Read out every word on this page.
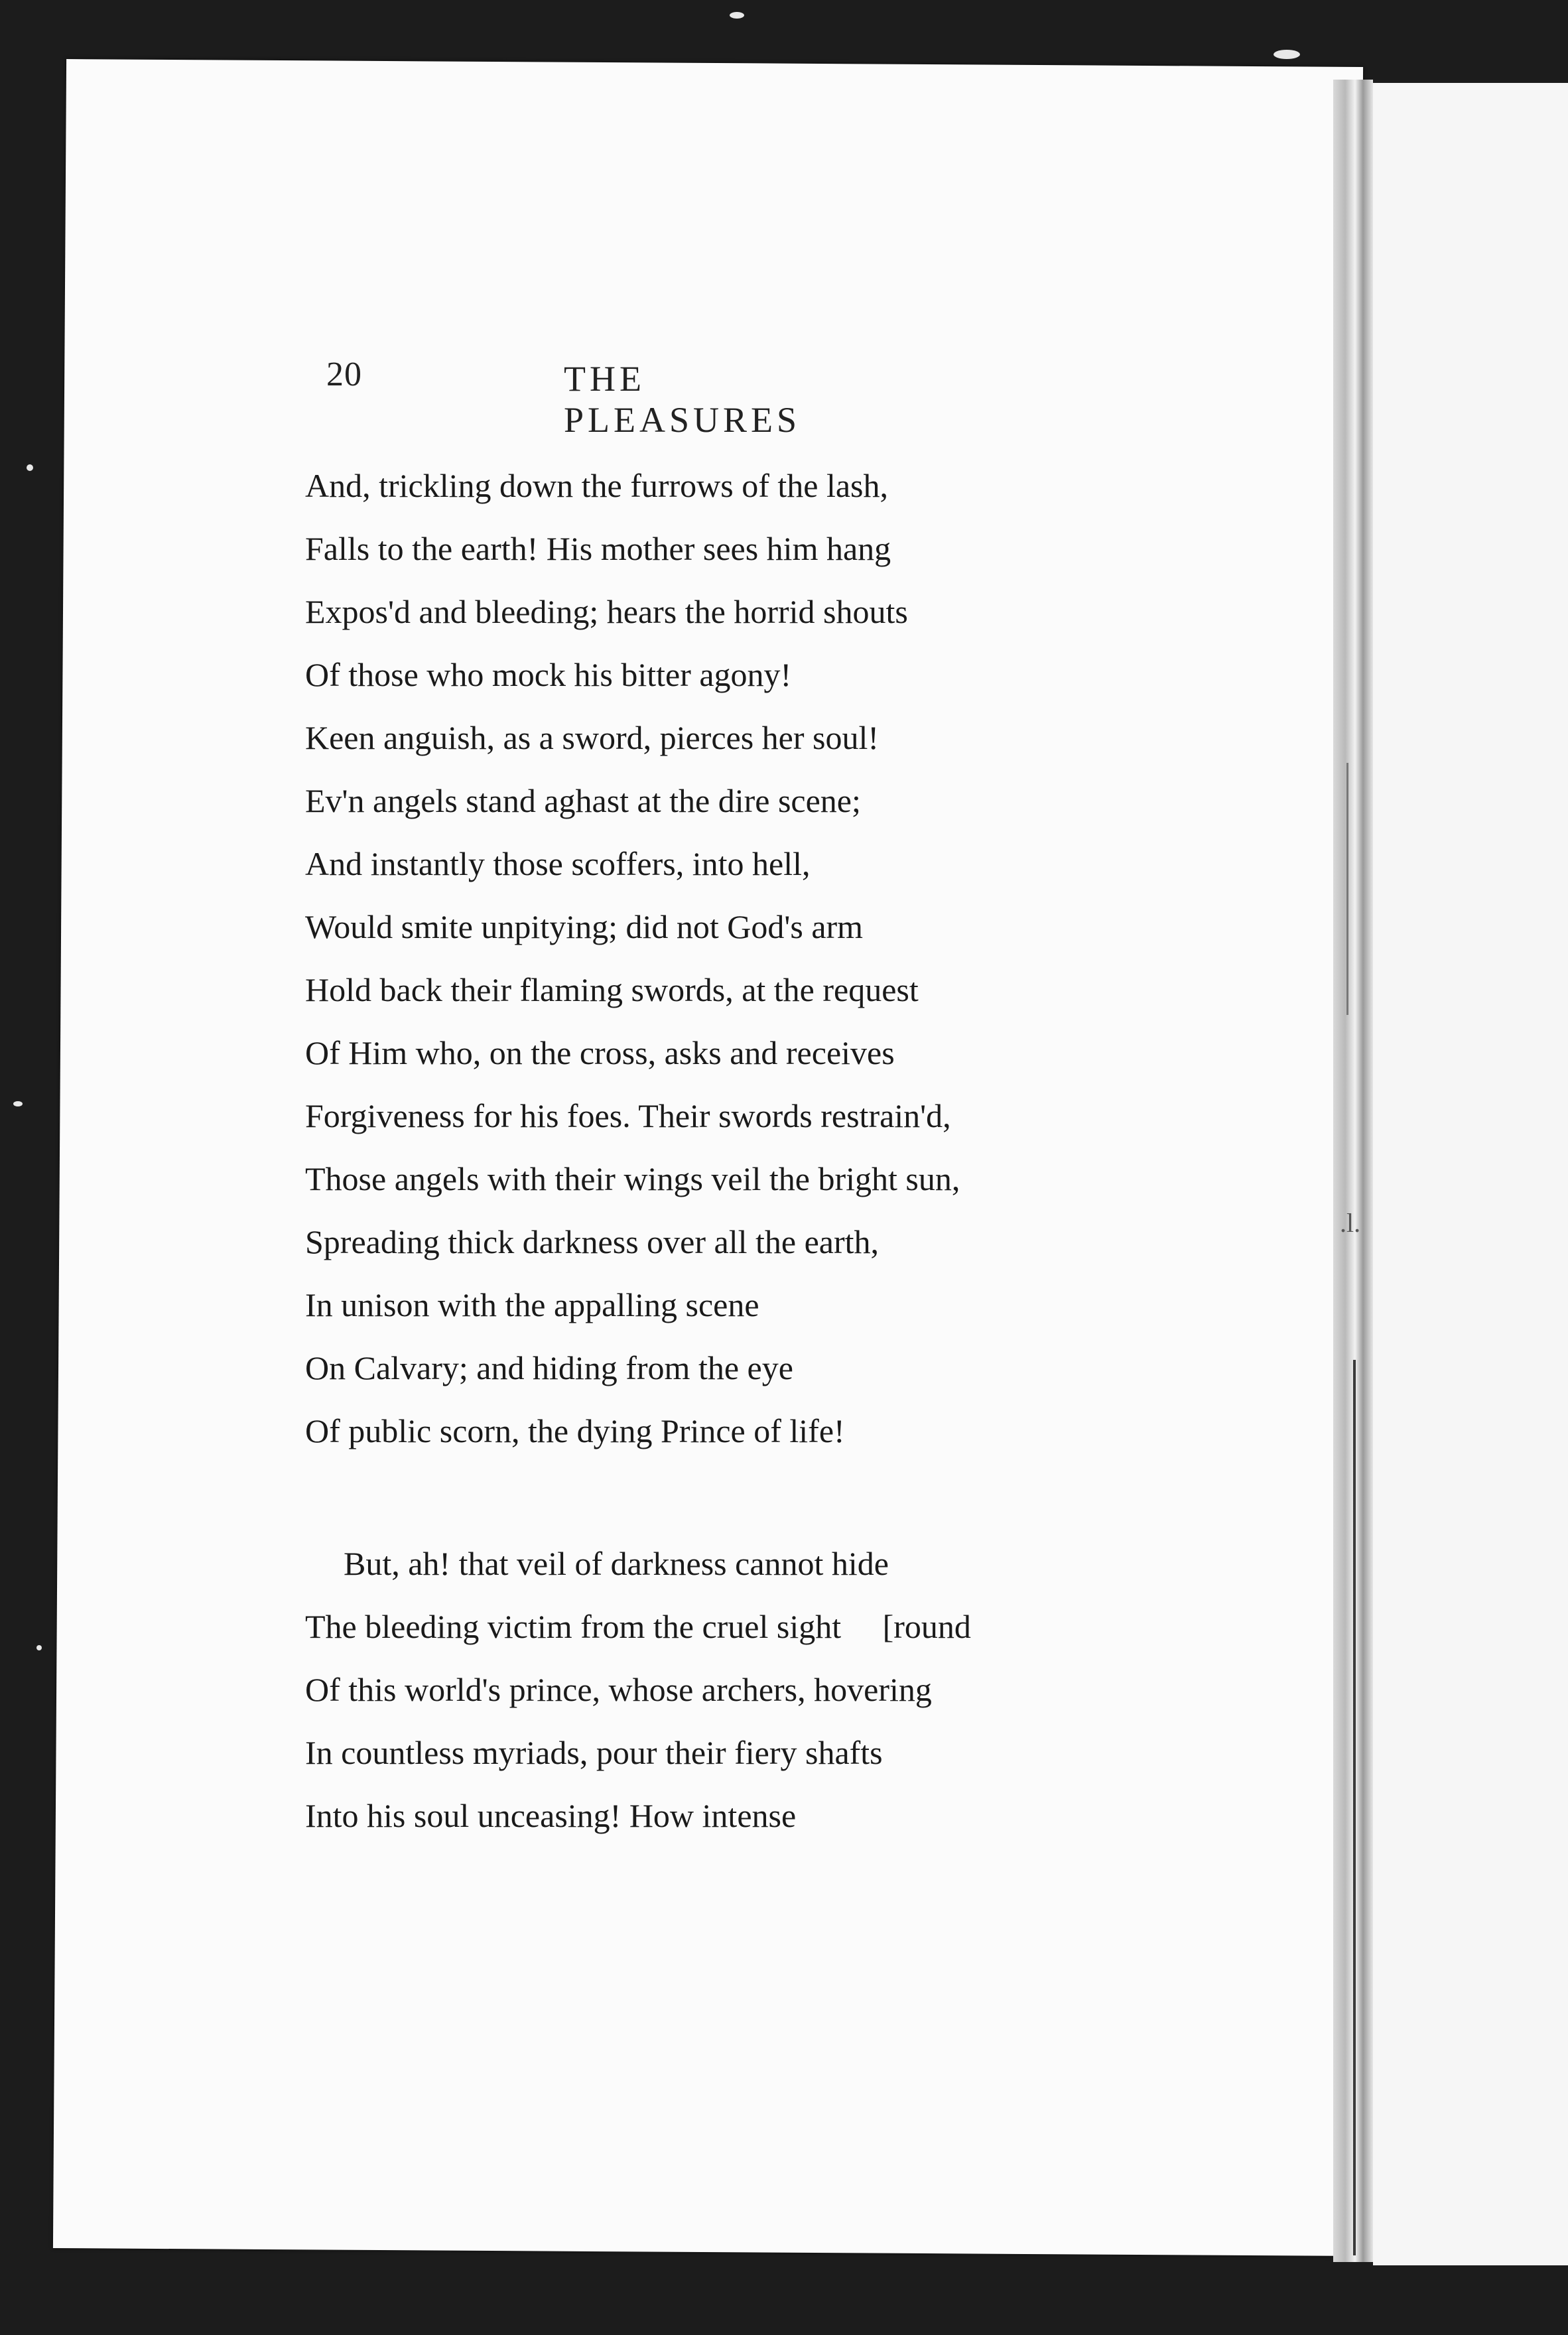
.l.
20	THE PLEASURES
And, trickling down the furrows of the lash,
Falls to the earth! His mother sees him hang
Expos'd and bleeding; hears the horrid shouts
Of those who mock his bitter agony!
Keen anguish, as a sword, pierces her soul!
Ev'n angels stand aghast at the dire scene;
And instantly those scoffers, into hell,
Would smite unpitying; did not God's arm
Hold back their flaming swords, at the request
Of Him who, on the cross, asks and receives
Forgiveness for his foes. Their swords restrain'd,
Those angels with their wings veil the bright sun,
Spreading thick darkness over all the earth,
In unison with the appalling scene
On Calvary; and hiding from the eye
Of public scorn, the dying Prince of life!
But, ah! that veil of darkness cannot hide
The bleeding victim from the cruel sight     [round
Of this world's prince, whose archers, hovering
In countless myriads, pour their fiery shafts
Into his soul unceasing! How intense
